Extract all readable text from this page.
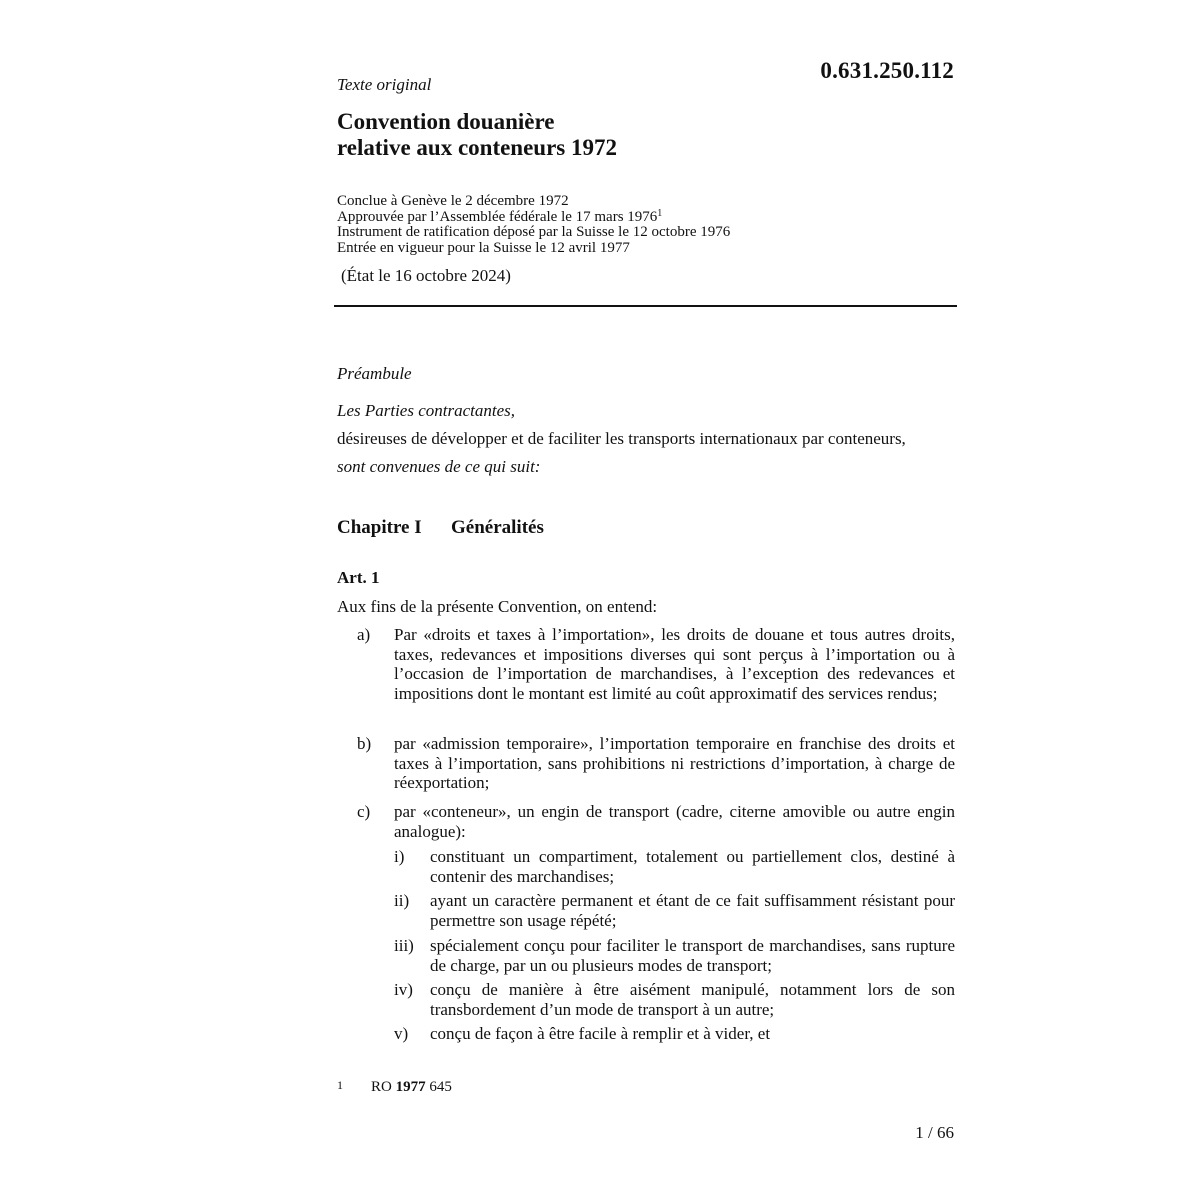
0.631.250.112
Texte original
Convention douanière
relative aux conteneurs 1972
Conclue à Genève le 2 décembre 1972
Approuvée par l’Assemblée fédérale le 17 mars 1976$^1$
Instrument de ratification déposé par la Suisse le 12 octobre 1976
Entrée en vigueur pour la Suisse le 12 avril 1977
(État le 16 octobre 2024)
Préambule
Les Parties contractantes,
désireuses de développer et de faciliter les transports internationaux par conteneurs,
sont convenues de ce qui suit:
Chapitre I Généralités
Art. 1
Aux fins de la présente Convention, on entend:
a) Par «droits et taxes à l’importation», les droits de douane et tous autres droits, taxes, redevances et impositions diverses qui sont perçus à l’importation ou à l’occasion de l’importation de marchandises, à l’exception des redevances et impositions dont le montant est limité au coût approximatif des services rendus;
b) par «admission temporaire», l’importation temporaire en franchise des droits et taxes à l’importation, sans prohibitions ni restrictions d’importation, à charge de réexportation;
c) par «conteneur», un engin de transport (cadre, citerne amovible ou autre engin analogue):
i) constituant un compartiment, totalement ou partiellement clos, destiné à contenir des marchandises;
ii) ayant un caractère permanent et étant de ce fait suffisamment résistant pour permettre son usage répété;
iii) spécialement conçu pour faciliter le transport de marchandises, sans rupture de charge, par un ou plusieurs modes de transport;
iv) conçu de manière à être aisément manipulé, notamment lors de son transbordement d’un mode de transport à un autre;
v) conçu de façon à être facile à remplir et à vider, et
1 RO 1977 645
1 / 66
